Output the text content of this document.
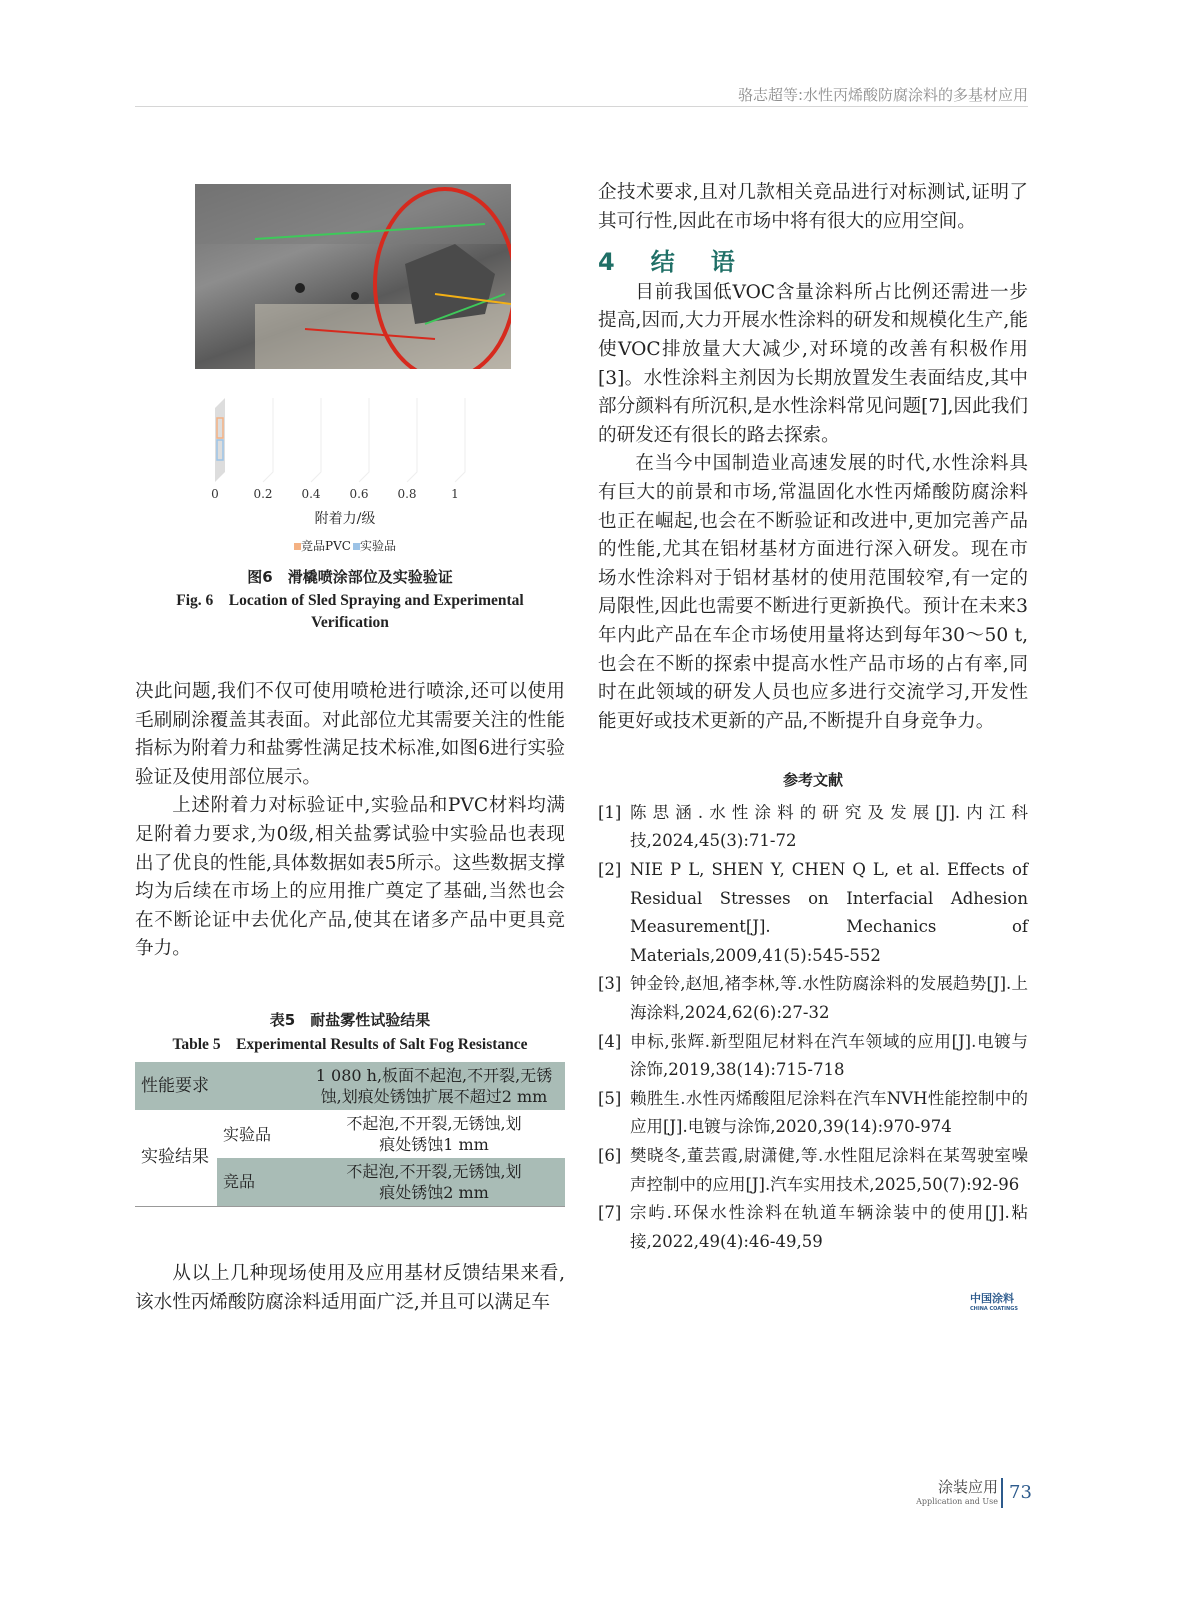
骆志超等:水性丙烯酸防腐涂料的多基材应用
0	0.2 0.4 0.6 0.8	1
附着力/级
竞品PVC 实验品
图6　滑橇喷涂部位及实验验证
Fig. 6　Location of Sled Spraying and Experimental Verification

决此问题,我们不仅可使用喷枪进行喷涂,还可以使用毛刷刷涂覆盖其表面。对此部位尤其需要关注的性能指标为附着力和盐雾性满足技术标准,如图6进行实验验证及使用部位展示。

上述附着力对标验证中,实验品和PVC材料均满足附着力要求,为0级,相关盐雾试验中实验品也表现出了优良的性能,具体数据如表5所示。这些数据支撑均为后续在市场上的应用推广奠定了基础,当然也会在不断论证中去优化产品,使其在诸多产品中更具竞争力。

表5　耐盐雾性试验结果
Table 5　Experimental Results of Salt Fog Resistance
性能要求		1 080 h,板面不起泡,不开裂,无锈蚀,划痕处锈蚀扩展不超过2 mm
实验结果	实验品	不起泡,不开裂,无锈蚀,划痕处锈蚀1 mm
	竞品	不起泡,不开裂,无锈蚀,划痕处锈蚀2 mm

从以上几种现场使用及应用基材反馈结果来看,该水性丙烯酸防腐涂料适用面广泛,并且可以满足车

企技术要求,且对几款相关竞品进行对标测试,证明了其可行性,因此在市场中将有很大的应用空间。

4　结　语

目前我国低VOC含量涂料所占比例还需进一步提高,因而,大力开展水性涂料的研发和规模化生产,能使VOC排放量大大减少,对环境的改善有积极作用[3]。水性涂料主剂因为长期放置发生表面结皮,其中部分颜料有所沉积,是水性涂料常见问题[7],因此我们的研发还有很长的路去探索。

在当今中国制造业高速发展的时代,水性涂料具有巨大的前景和市场,常温固化水性丙烯酸防腐涂料也正在崛起,也会在不断验证和改进中,更加完善产品的性能,尤其在铝材基材方面进行深入研发。现在市场水性涂料对于铝材基材的使用范围较窄,有一定的局限性,因此也需要不断进行更新换代。预计在未来3年内此产品在车企市场使用量将达到每年30～50 t,也会在不断的探索中提高水性产品市场的占有率,同时在此领域的研发人员也应多进行交流学习,开发性能更好或技术更新的产品,不断提升自身竞争力。

参考文献
[1] 陈思涵.水性涂料的研究及发展[J].内江科技,2024,45(3):71-72
[2] NIE P L, SHEN Y, CHEN Q L, et al. Effects of Residual Stresses on Interfacial Adhesion Measurement[J]. Mechanics of Materials,2009,41(5):545-552
[3] 钟金铃,赵旭,褚李林,等.水性防腐涂料的发展趋势[J].上海涂料,2024,62(6):27-32
[4] 申标,张辉.新型阻尼材料在汽车领域的应用[J].电镀与涂饰,2019,38(14):715-718
[5] 赖胜生.水性丙烯酸阻尼涂料在汽车NVH性能控制中的应用[J].电镀与涂饰,2020,39(14):970-974
[6] 樊晓冬,董芸霞,尉潇健,等.水性阻尼涂料在某驾驶室噪声控制中的应用[J].汽车实用技术,2025,50(7):92-96
[7] 宗屿.环保水性涂料在轨道车辆涂装中的使用[J].粘接,2022,49(4):46-49,59
中国涂料
CHINA COATINGS
涂装应用
Application and Use 73
